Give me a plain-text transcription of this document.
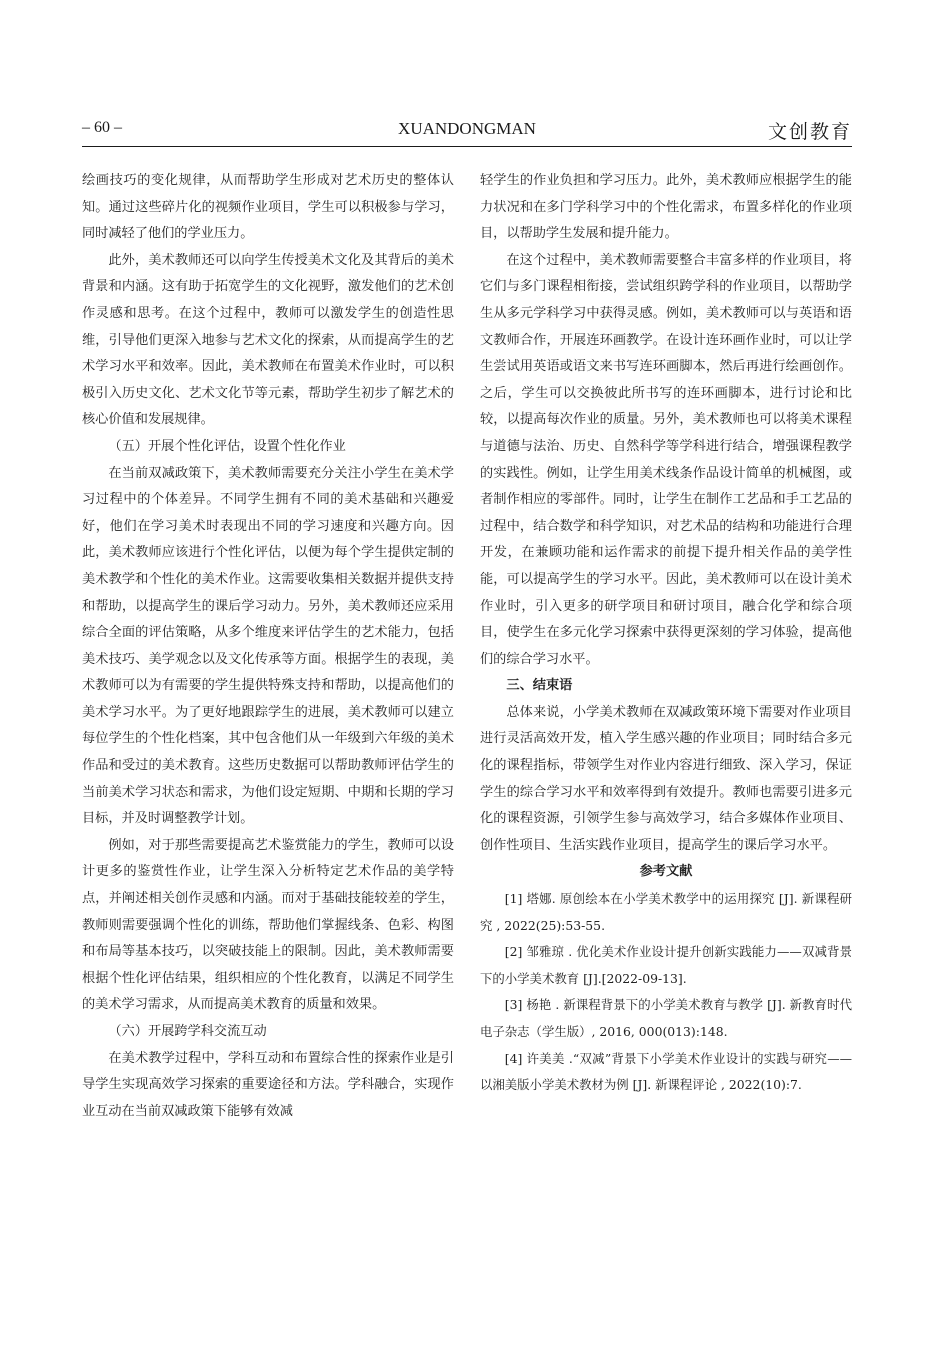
– 60 –	XUANDONGMAN	文创教育

绘画技巧的变化规律，从而帮助学生形成对艺术历史的整体认知。通过这些碎片化的视频作业项目，学生可以积极参与学习，同时减轻了他们的学业压力。

此外，美术教师还可以向学生传授美术文化及其背后的美术背景和内涵。这有助于拓宽学生的文化视野，激发他们的艺术创作灵感和思考。在这个过程中，教师可以激发学生的创造性思维，引导他们更深入地参与艺术文化的探索，从而提高学生的艺术学习水平和效率。因此，美术教师在布置美术作业时，可以积极引入历史文化、艺术文化节等元素，帮助学生初步了解艺术的核心价值和发展规律。

（五）开展个性化评估，设置个性化作业

在当前双减政策下，美术教师需要充分关注小学生在美术学习过程中的个体差异。不同学生拥有不同的美术基础和兴趣爱好，他们在学习美术时表现出不同的学习速度和兴趣方向。因此，美术教师应该进行个性化评估，以便为每个学生提供定制的美术教学和个性化的美术作业。这需要收集相关数据并提供支持和帮助，以提高学生的课后学习动力。另外，美术教师还应采用综合全面的评估策略，从多个维度来评估学生的艺术能力，包括美术技巧、美学观念以及文化传承等方面。根据学生的表现，美术教师可以为有需要的学生提供特殊支持和帮助，以提高他们的美术学习水平。为了更好地跟踪学生的进展，美术教师可以建立每位学生的个性化档案，其中包含他们从一年级到六年级的美术作品和受过的美术教育。这些历史数据可以帮助教师评估学生的当前美术学习状态和需求，为他们设定短期、中期和长期的学习目标，并及时调整教学计划。

例如，对于那些需要提高艺术鉴赏能力的学生，教师可以设计更多的鉴赏性作业，让学生深入分析特定艺术作品的美学特点，并阐述相关创作灵感和内涵。而对于基础技能较差的学生，教师则需要强调个性化的训练，帮助他们掌握线条、色彩、构图和布局等基本技巧，以突破技能上的限制。因此，美术教师需要根据个性化评估结果，组织相应的个性化教育，以满足不同学生的美术学习需求，从而提高美术教育的质量和效果。

（六）开展跨学科交流互动

在美术教学过程中，学科互动和布置综合性的探索作业是引导学生实现高效学习探索的重要途径和方法。学科融合，实现作业互动在当前双减政策下能够有效减

轻学生的作业负担和学习压力。此外，美术教师应根据学生的能力状况和在多门学科学习中的个性化需求，布置多样化的作业项目，以帮助学生发展和提升能力。

在这个过程中，美术教师需要整合丰富多样的作业项目，将它们与多门课程相衔接，尝试组织跨学科的作业项目，以帮助学生从多元学科学习中获得灵感。例如，美术教师可以与英语和语文教师合作，开展连环画教学。在设计连环画作业时，可以让学生尝试用英语或语文来书写连环画脚本，然后再进行绘画创作。之后，学生可以交换彼此所书写的连环画脚本，进行讨论和比较，以提高每次作业的质量。另外，美术教师也可以将美术课程与道德与法治、历史、自然科学等学科进行结合，增强课程教学的实践性。例如，让学生用美术线条作品设计简单的机械图，或者制作相应的零部件。同时，让学生在制作工艺品和手工艺品的过程中，结合数学和科学知识，对艺术品的结构和功能进行合理开发，在兼顾功能和运作需求的前提下提升相关作品的美学性能，可以提高学生的学习水平。因此，美术教师可以在设计美术作业时，引入更多的研学项目和研讨项目，融合化学和综合项目，使学生在多元化学习探索中获得更深刻的学习体验，提高他们的综合学习水平。

三、结束语

总体来说，小学美术教师在双减政策环境下需要对作业项目进行灵活高效开发，植入学生感兴趣的作业项目；同时结合多元化的课程指标，带领学生对作业内容进行细致、深入学习，保证学生的综合学习水平和效率得到有效提升。教师也需要引进多元化的课程资源，引领学生参与高效学习，结合多媒体作业项目、创作性项目、生活实践作业项目，提高学生的课后学习水平。

参考文献

[1] 塔娜. 原创绘本在小学美术教学中的运用探究 [J]. 新课程研究 , 2022(25):53-55.

[2] 邹雅琼 . 优化美术作业设计提升创新实践能力——双减背景下的小学美术教育 [J].[2022-09-13].

[3] 杨艳 . 新课程背景下的小学美术教育与教学 [J]. 新教育时代电子杂志（学生版）, 2016, 000(013):148.

[4] 许美美 .“双减”背景下小学美术作业设计的实践与研究——以湘美版小学美术教材为例 [J]. 新课程评论 , 2022(10):7.
